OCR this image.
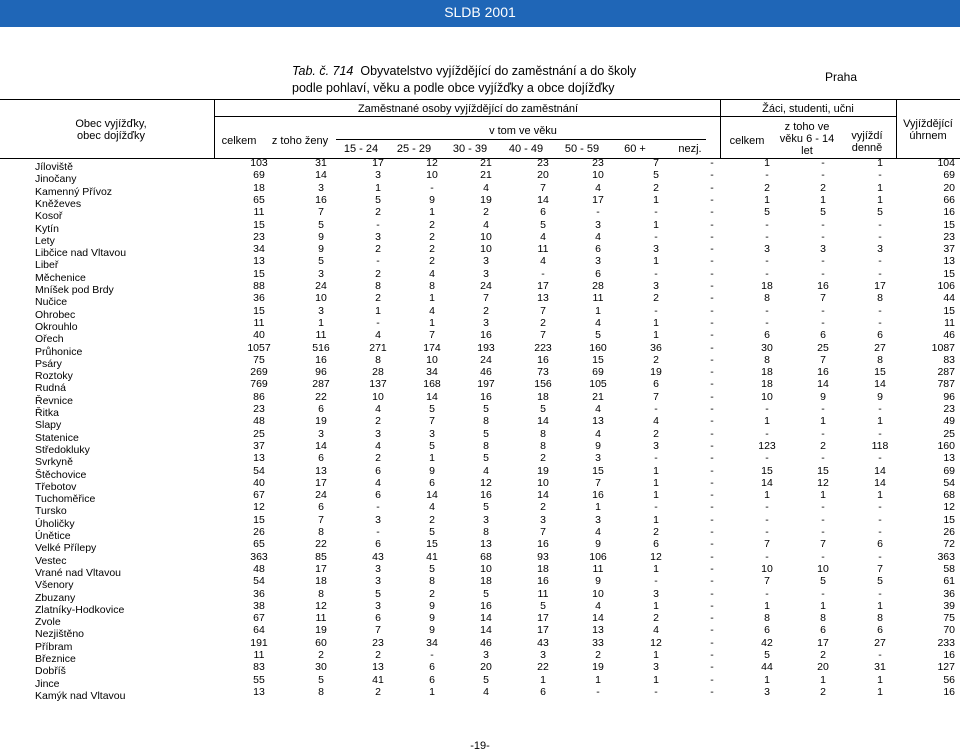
SLDB 2001
Tab. č. 714 Obyvatelstvo vyjíždějící do zaměstnání a do školy
podle pohlaví, věku a podle obce vyjížďky a obce dojížďky
Praha
Obec vyjížďky,
obec dojížďky
Zaměstnané osoby vyjíždějící do zaměstnání
celkem z toho ženy
v tom ve věku
15 - 24 25 - 29 30 - 39 40 - 49 50 - 59 60 +	nezj.
Žáci, studenti, učni
celkem
z toho ve
věku 6 - 14
let
vyjíždí
denně
Vyjíždějící
úhrnem
Jíloviště	103	31	17	12	21	23	23	7	-	1	-	1	104
Jinočany	69	14	3	10	21	20	10	5	-	-	-	-	69
Kamenný Přívoz	18	3	1	-	4	7	4	2	-	2	2	1	20
Kněževes	65	16	5	9	19	14	17	1	-	1	1	1	66
Kosoř	11	7	2	1	2	6	-	-	-	5	5	5	16
Kytín	15	5	-	2	4	5	3	1	-	-	-	-	15
Lety	23	9	3	2	10	4	4	-	-	-	-	-	23
Libčice nad Vltavou	34	9	2	2	10	11	6	3	-	3	3	3	37
Libeř	13	5	-	2	3	4	3	1	-	-	-	-	13
Měchenice	15	3	2	4	3	-	6	-	-	-	-	-	15
Mníšek pod Brdy	88	24	8	8	24	17	28	3	-	18	16	17	106
Nučice	36	10	2	1	7	13	11	2	-	8	7	8	44
Ohrobec	15	3	1	4	2	7	1	-	-	-	-	-	15
Okrouhlo	11	1	-	1	3	2	4	1	-	-	-	-	11
Ořech	40	11	4	7	16	7	5	1	-	6	6	6	46
Průhonice	1057	516	271	174	193	223	160	36	-	30	25	27	1087
Psáry	75	16	8	10	24	16	15	2	-	8	7	8	83
Roztoky	269	96	28	34	46	73	69	19	-	18	16	15	287
Rudná	769	287	137	168	197	156	105	6	-	18	14	14	787
Řevnice	86	22	10	14	16	18	21	7	-	10	9	9	96
Řitka	23	6	4	5	5	5	4	-	-	-	-	-	23
Slapy	48	19	2	7	8	14	13	4	-	1	1	1	49
Statenice	25	3	3	3	5	8	4	2	-	-	-	-	25
Středokluky	37	14	4	5	8	8	9	3	-	123	2	118	160
Svrkyně	13	6	2	1	5	2	3	-	-	-	-	-	13
Štěchovice	54	13	6	9	4	19	15	1	-	15	15	14	69
Třebotov	40	17	4	6	12	10	7	1	-	14	12	14	54
Tuchoměřice	67	24	6	14	16	14	16	1	-	1	1	1	68
Tursko	12	6	-	4	5	2	1	-	-	-	-	-	12
Úholičky	15	7	3	2	3	3	3	1	-	-	-	-	15
Únětice	26	8	-	5	8	7	4	2	-	-	-	-	26
Velké Přílepy	65	22	6	15	13	16	9	6	-	7	7	6	72
Vestec	363	85	43	41	68	93	106	12	-	-	-	-	363
Vrané nad Vltavou	48	17	3	5	10	18	11	1	-	10	10	7	58
Všenory	54	18	3	8	18	16	9	-	-	7	5	5	61
Zbuzany	36	8	5	2	5	11	10	3	-	-	-	-	36
Zlatníky-Hodkovice	38	12	3	9	16	5	4	1	-	1	1	1	39
Zvole	67	11	6	9	14	17	14	2	-	8	8	8	75
Nezjištěno	64	19	7	9	14	17	13	4	-	6	6	6	70
Příbram	191	60	23	34	46	43	33	12	-	42	17	27	233
Březnice	11	2	2	-	3	3	2	1	-	5	2	-	16
Dobříš	83	30	13	6	20	22	19	3	-	44	20	31	127
Jince	55	5	41	6	5	1	1	1	-	1	1	1	56
Kamýk nad Vltavou	13	8	2	1	4	6	-	-	-	3	2	1	16
-19-
